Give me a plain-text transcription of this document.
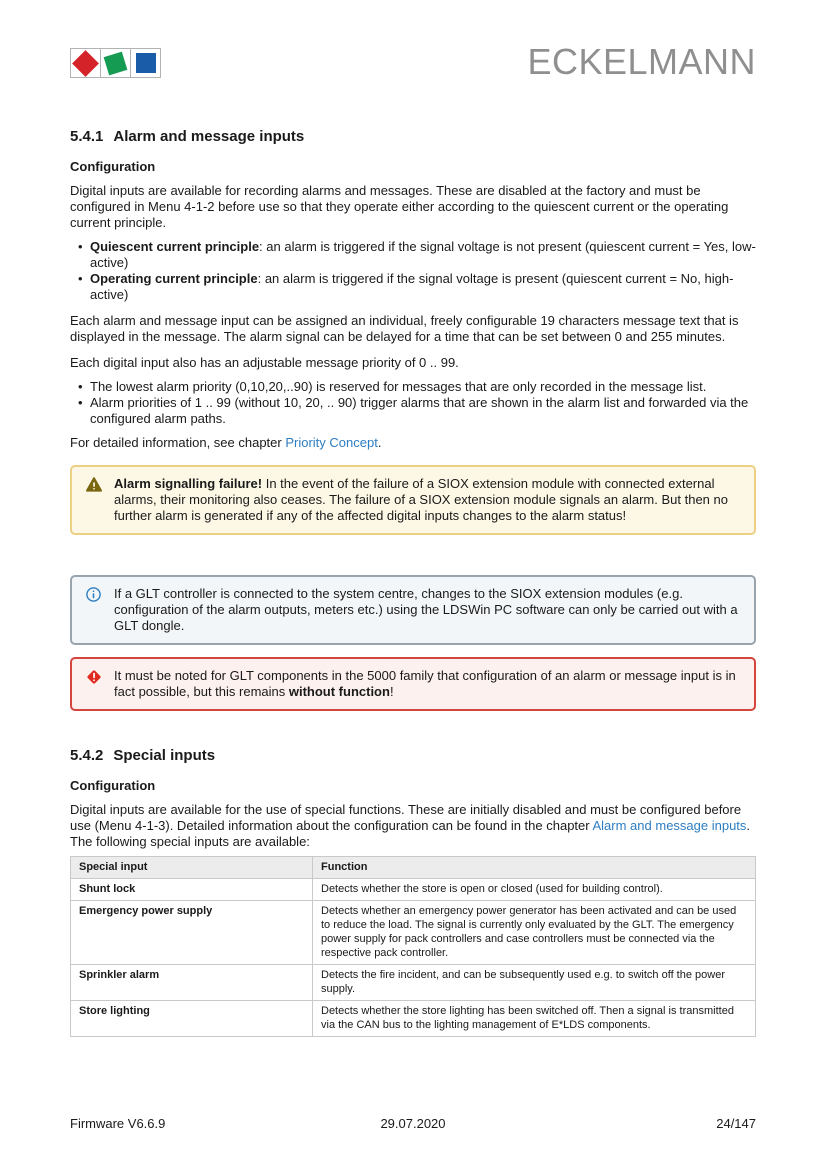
ECKELMANN
5.4.1 Alarm and message inputs
Configuration

Digital inputs are available for recording alarms and messages. These are disabled at the factory and must be configured in Menu 4-1-2 before use so that they operate either according to the quiescent current or the operating current principle.

• Quiescent current principle: an alarm is triggered if the signal voltage is not present (quiescent current = Yes, low-active)
• Operating current principle: an alarm is triggered if the signal voltage is present (quiescent current = No, high-active)

Each alarm and message input can be assigned an individual, freely configurable 19 characters message text that is displayed in the message. The alarm signal can be delayed for a time that can be set between 0 and 255 minutes.

Each digital input also has an adjustable message priority of 0 .. 99.

• The lowest alarm priority (0,10,20,..90) is reserved for messages that are only recorded in the message list.
• Alarm priorities of 1 .. 99 (without 10, 20, .. 90) trigger alarms that are shown in the alarm list and forwarded via the configured alarm paths.

For detailed information, see chapter Priority Concept.

Alarm signalling failure! In the event of the failure of a SIOX extension module with connected external alarms, their monitoring also ceases. The failure of a SIOX extension module signals an alarm. But then no further alarm is generated if any of the affected digital inputs changes to the alarm status!
If a GLT controller is connected to the system centre, changes to the SIOX extension modules (e.g. configuration of the alarm outputs, meters etc.) using the LDSWin PC software can only be carried out with a GLT dongle.
It must be noted for GLT components in the 5000 family that configuration of an alarm or message input is in fact possible, but this remains without function!
5.4.2 Special inputs
Configuration

Digital inputs are available for the use of special functions. These are initially disabled and must be configured before use (Menu 4-1-3). Detailed information about the configuration can be found in the chapter Alarm and message inputs. The following special inputs are available:

Special input	Function
Shunt lock	Detects whether the store is open or closed (used for building control).
Emergency power supply	Detects whether an emergency power generator has been activated and can be used to reduce the load. The signal is currently only evaluated by the GLT. The emergency power supply for pack controllers and case controllers must be connected via the respective pack controller.
Sprinkler alarm	Detects the fire incident, and can be subsequently used e.g. to switch off the power supply.
Store lighting	Detects whether the store lighting has been switched off. Then a signal is transmitted via the CAN bus to the lighting management of E*LDS components.
Firmware V6.6.9	29.07.2020	24/147
